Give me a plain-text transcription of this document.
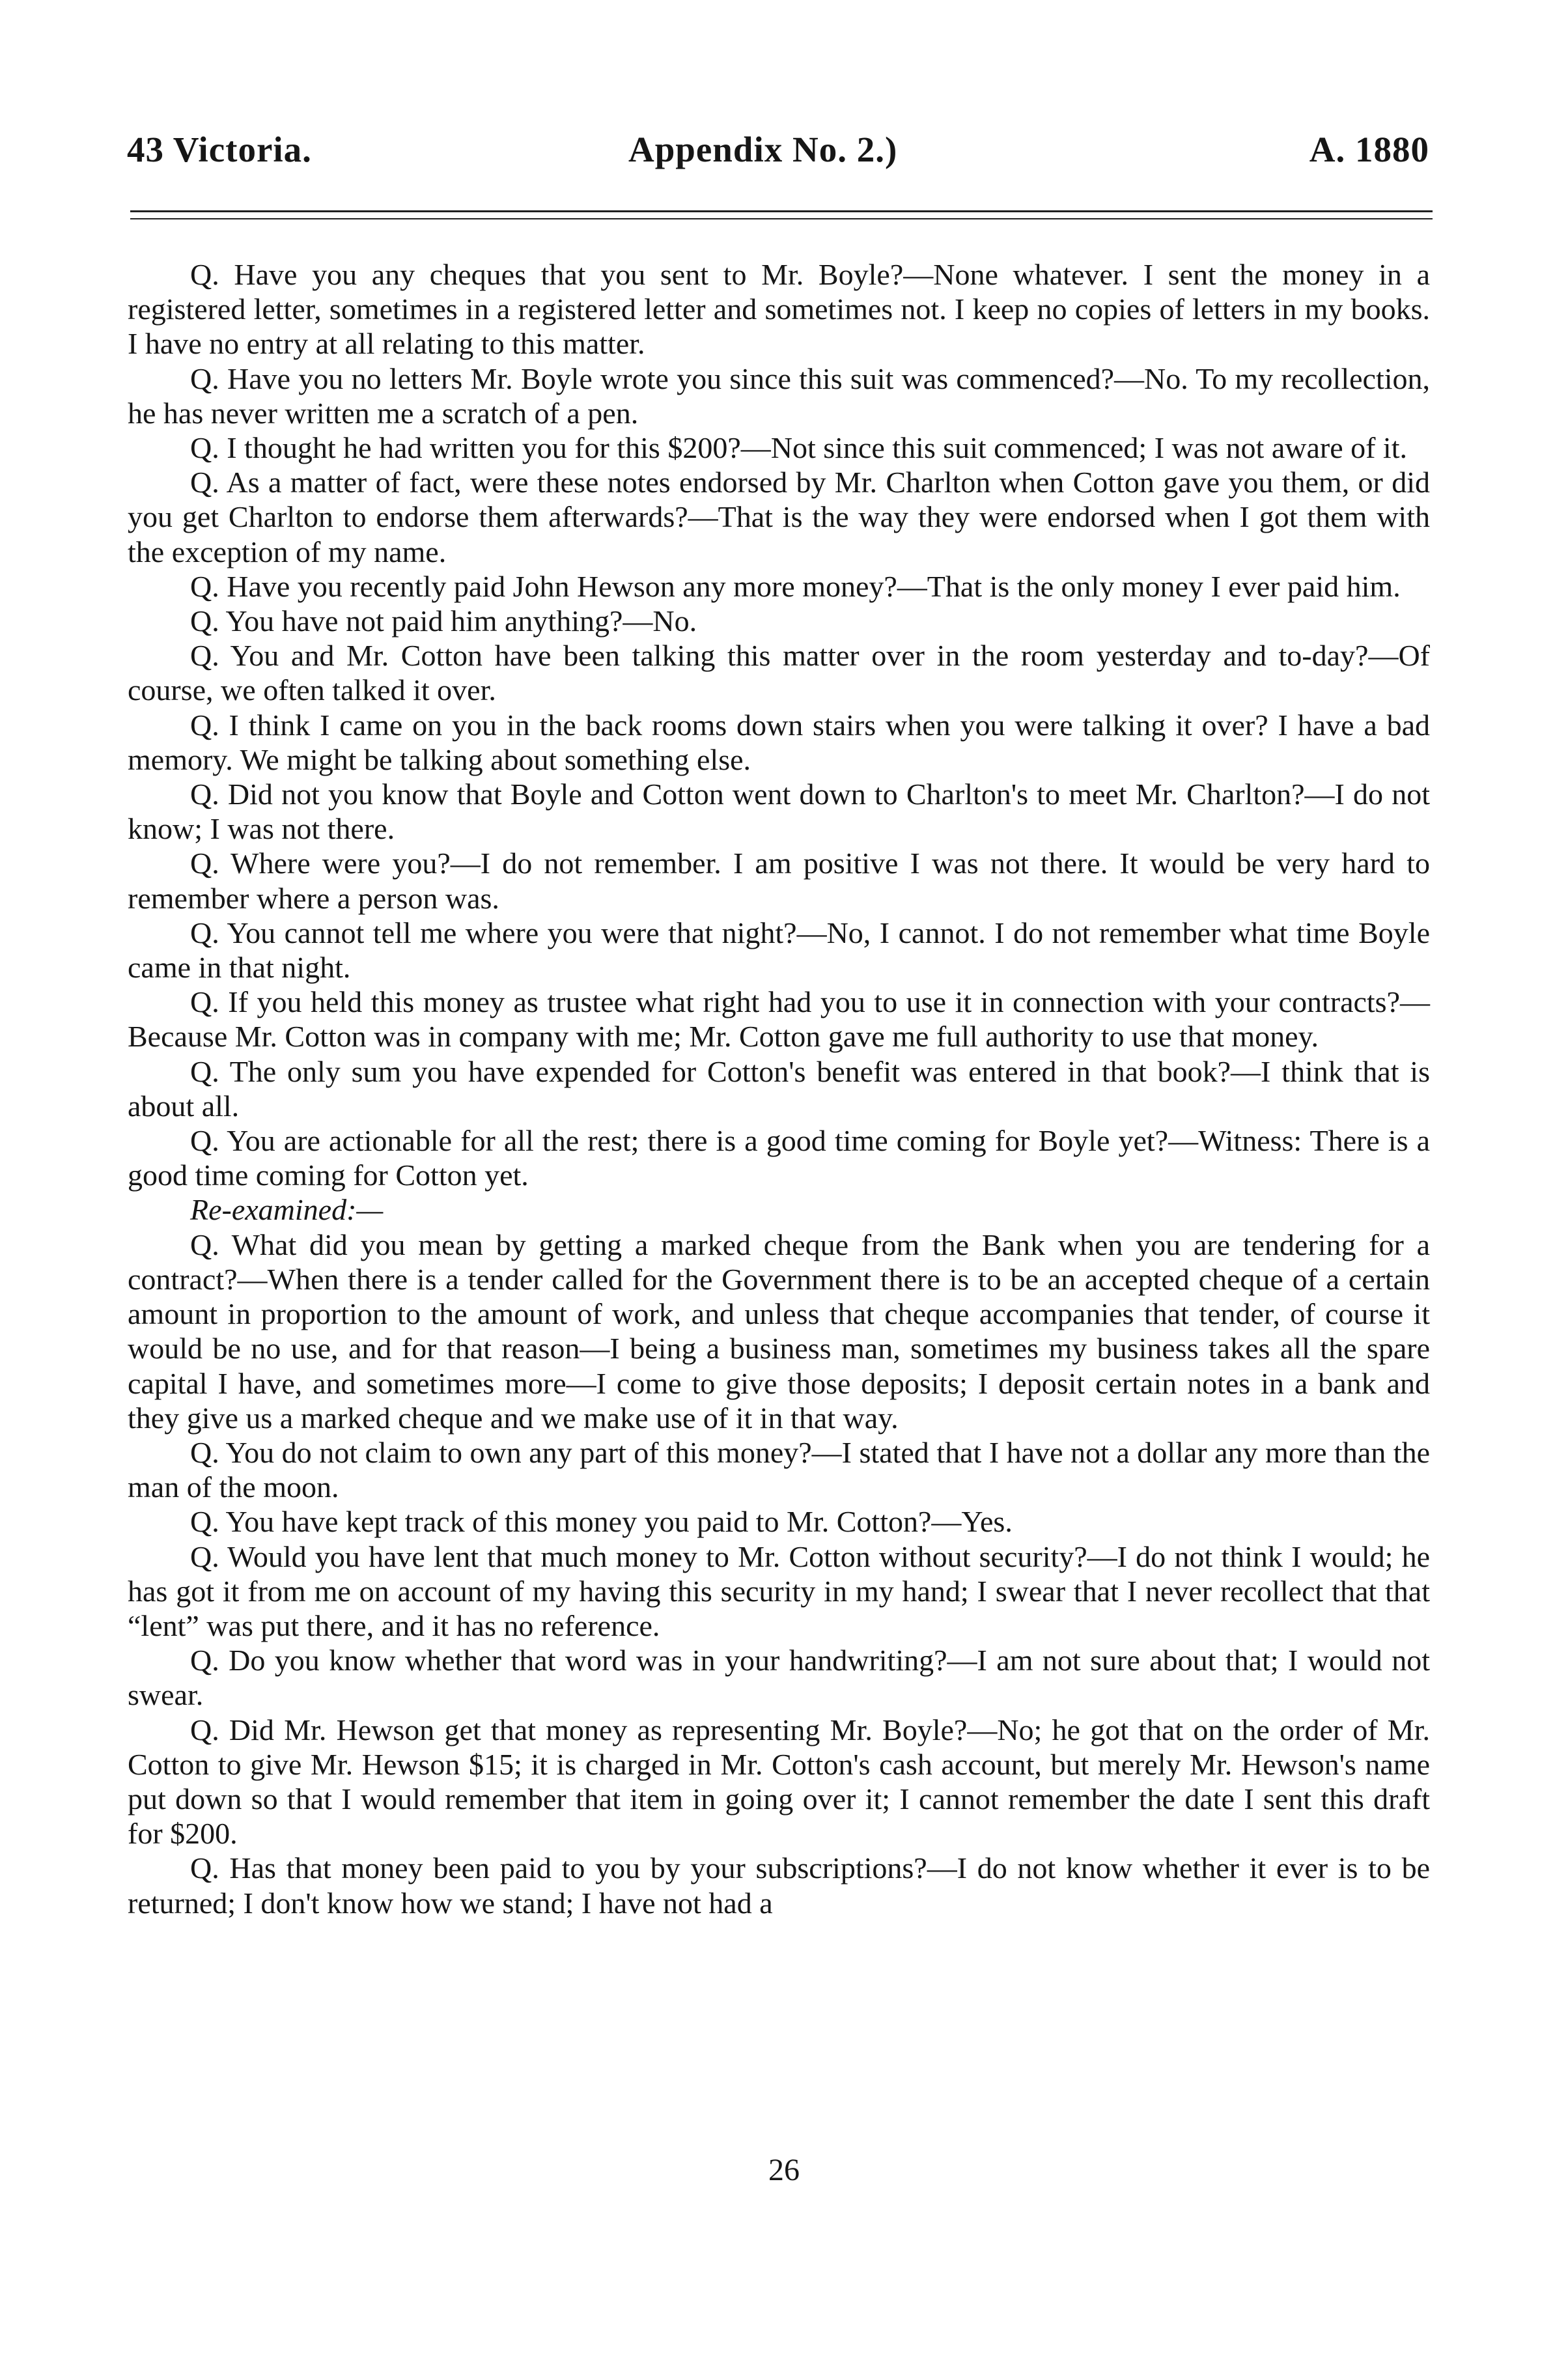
43 Victoria.	Appendix No. 2.)	A. 1880

Q. Have you any cheques that you sent to Mr. Boyle?—None whatever. I sent the money in a registered letter, sometimes in a registered letter and sometimes not. I keep no copies of letters in my books. I have no entry at all relating to this matter.

Q. Have you no letters Mr. Boyle wrote you since this suit was commenced?—No. To my recollection, he has never written me a scratch of a pen.

Q. I thought he had written you for this $200?—Not since this suit commenced; I was not aware of it.

Q. As a matter of fact, were these notes endorsed by Mr. Charlton when Cotton gave you them, or did you get Charlton to endorse them afterwards?—That is the way they were endorsed when I got them with the exception of my name.

Q. Have you recently paid John Hewson any more money?—That is the only money I ever paid him.

Q. You have not paid him anything?—No.

Q. You and Mr. Cotton have been talking this matter over in the room yesterday and to-day?—Of course, we often talked it over.

Q. I think I came on you in the back rooms down stairs when you were talking it over? I have a bad memory. We might be talking about something else.

Q. Did not you know that Boyle and Cotton went down to Charlton's to meet Mr. Charlton?—I do not know; I was not there.

Q. Where were you?—I do not remember. I am positive I was not there. It would be very hard to remember where a person was.

Q. You cannot tell me where you were that night?—No, I cannot. I do not remember what time Boyle came in that night.

Q. If you held this money as trustee what right had you to use it in connection with your contracts?—Because Mr. Cotton was in company with me; Mr. Cotton gave me full authority to use that money.

Q. The only sum you have expended for Cotton's benefit was entered in that book?—I think that is about all.

Q. You are actionable for all the rest; there is a good time coming for Boyle yet?—Witness: There is a good time coming for Cotton yet.

Re-examined:—

Q. What did you mean by getting a marked cheque from the Bank when you are tendering for a contract?—When there is a tender called for the Government there is to be an accepted cheque of a certain amount in proportion to the amount of work, and unless that cheque accompanies that tender, of course it would be no use, and for that reason—I being a business man, sometimes my business takes all the spare capital I have, and sometimes more—I come to give those deposits; I deposit certain notes in a bank and they give us a marked cheque and we make use of it in that way.

Q. You do not claim to own any part of this money?—I stated that I have not a dollar any more than the man of the moon.

Q. You have kept track of this money you paid to Mr. Cotton?—Yes.

Q. Would you have lent that much money to Mr. Cotton without security?—I do not think I would; he has got it from me on account of my having this security in my hand; I swear that I never recollect that that “lent” was put there, and it has no reference.

Q. Do you know whether that word was in your handwriting?—I am not sure about that; I would not swear.

Q. Did Mr. Hewson get that money as representing Mr. Boyle?—No; he got that on the order of Mr. Cotton to give Mr. Hewson $15; it is charged in Mr. Cotton's cash account, but merely Mr. Hewson's name put down so that I would remember that item in going over it; I cannot remember the date I sent this draft for $200.

Q. Has that money been paid to you by your subscriptions?—I do not know whether it ever is to be returned; I don't know how we stand; I have not had a

26
